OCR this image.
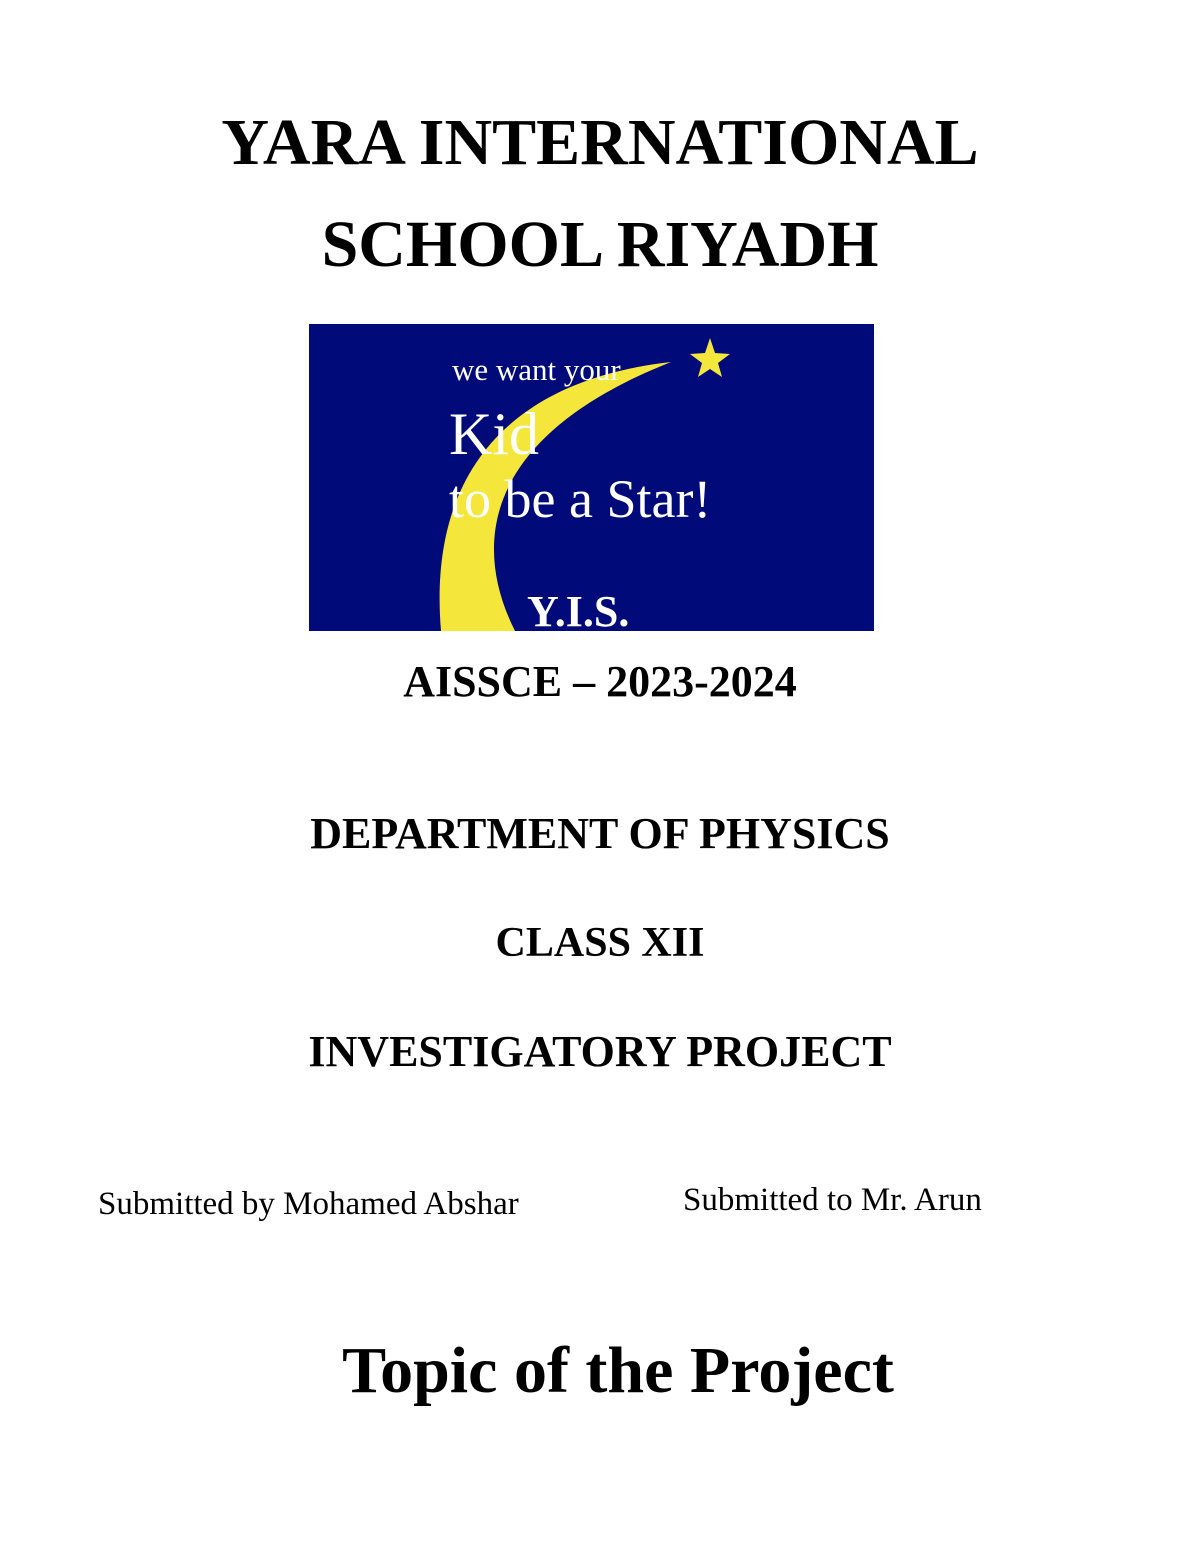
YARA INTERNATIONAL
SCHOOL RIYADH
we want your
Kid
to be a Star!
Y.I.S.
AISSCE – 2023-2024
DEPARTMENT OF PHYSICS
CLASS XII
INVESTIGATORY PROJECT
Submitted by Mohamed Abshar	Submitted to Mr. Arun
Topic of the Project
